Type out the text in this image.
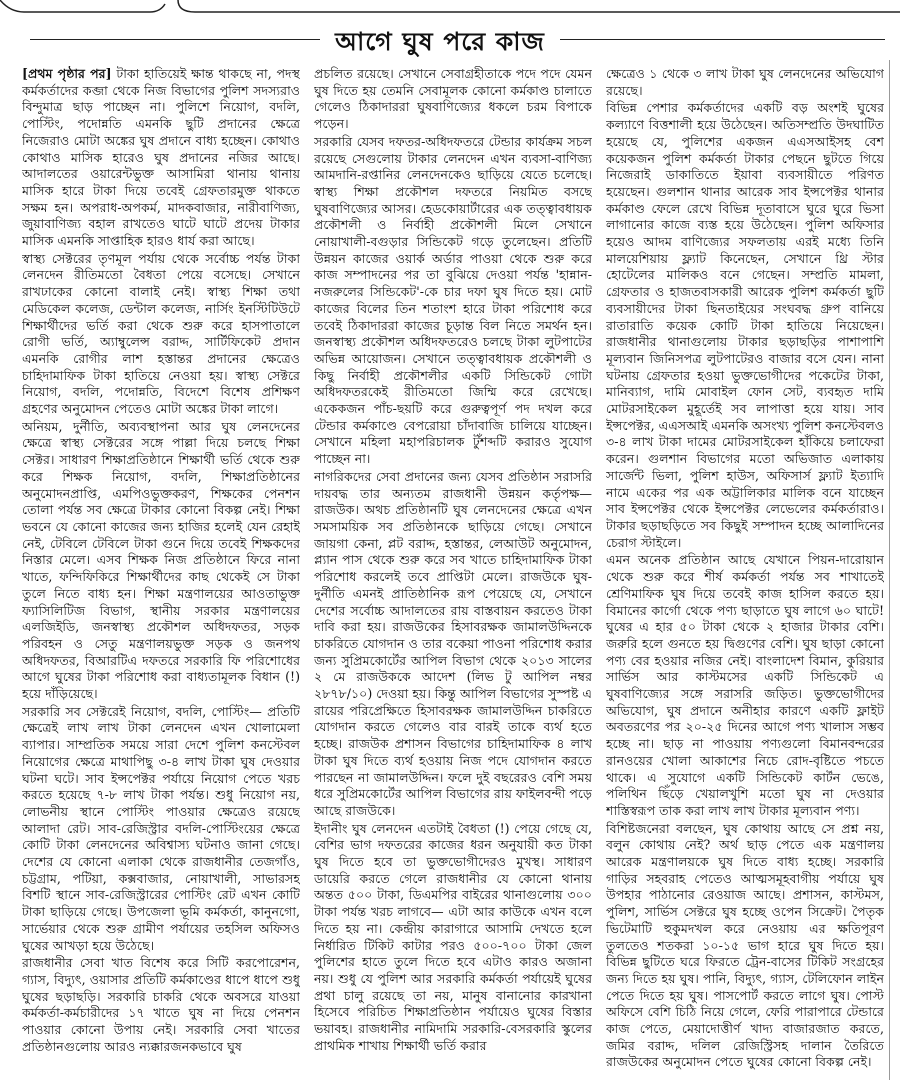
আগে ঘুষ পরে কাজ

[প্রথম পৃষ্ঠার পর] টাকা হাতিয়েই ক্ষান্ত থাকছে না, পদস্থ কর্মকর্তাদের কব্জা থেকে নিজ বিভাগের পুলিশ সদস্যরাও বিন্দুমাত্র ছাড় পাচ্ছেন না। পুলিশে নিয়োগ, বদলি, পোস্টিং, পদোন্নতি এমনকি ছুটি প্রদানের ক্ষেত্রে নিজেরাও মোটা অঙ্কের ঘুষ প্রদানে বাধ্য হচ্ছেন। কোথাও কোথাও মাসিক হারেও ঘুষ প্রদানের নজির আছে। আদালতের ওয়ারেন্টভুক্ত আসামিরা থানায় থানায় মাসিক হারে টাকা দিয়ে তবেই গ্রেফতারমুক্ত থাকতে সক্ষম হন। অপরাধ-অপকর্ম, মাদকবাজার, নারীবাণিজ্য, জুয়াবাণিজ্য বহাল রাখতেও ঘাটে ঘাটে প্রদেয় টাকার মাসিক এমনকি সাপ্তাহিক হারও ধার্য করা আছে।

স্বাস্থ্য সেক্টরের তৃণমূল পর্যায় থেকে সর্বোচ্চ পর্যন্ত টাকা লেনদেন রীতিমতো বৈধতা পেয়ে বসেছে। সেখানে রাখঢাকের কোনো বালাই নেই। স্বাস্থ্য শিক্ষা তথা মেডিকেল কলেজ, ডেন্টাল কলেজ, নার্সিং ইনস্টিটিউটে শিক্ষার্থীদের ভর্তি করা থেকে শুরু করে হাসপাতালে রোগী ভর্তি, অ্যাম্বুলেন্স বরাদ্দ, সার্টিফিকেট প্রদান এমনকি রোগীর লাশ হস্তান্তর প্রদানের ক্ষেত্রেও চাহিদামাফিক টাকা হাতিয়ে নেওয়া হয়। স্বাস্থ্য সেক্টরে নিয়োগ, বদলি, পদোন্নতি, বিদেশে বিশেষ প্রশিক্ষণ গ্রহণের অনুমোদন পেতেও মোটা অঙ্কের টাকা লাগে।

অনিয়ম, দুর্নীতি, অব্যবস্থাপনা আর ঘুষ লেনদেনের ক্ষেত্রে স্বাস্থ্য সেক্টরের সঙ্গে পাল্লা দিয়ে চলছে শিক্ষা সেক্টর। সাধারণ শিক্ষাপ্রতিষ্ঠানে শিক্ষার্থী ভর্তি থেকে শুরু করে শিক্ষক নিয়োগ, বদলি, শিক্ষাপ্রতিষ্ঠানের অনুমোদনপ্রাপ্তি, এমপিওভুক্তকরণ, শিক্ষকের পেনশন তোলা পর্যন্ত সব ক্ষেত্রে টাকার কোনো বিকল্প নেই। শিক্ষা ভবনে যে কোনো কাজের জন্য হাজির হলেই যেন রেহাই নেই, টেবিলে টেবিলে টাকা গুনে দিয়ে তবেই শিক্ষকদের নিস্তার মেলে। এসব শিক্ষক নিজ প্রতিষ্ঠানে ফিরে নানা খাতে, ফন্দিফিকিরে শিক্ষার্থীদের কাছ থেকেই সে টাকা তুলে নিতে বাধ্য হন। শিক্ষা মন্ত্রণালয়ের আওতাভুক্ত ফ্যাসিলিটিজ বিভাগ, স্থানীয় সরকার মন্ত্রণালয়ের এলজিইডি, জনস্বাস্থ্য প্রকৌশল অধিদফতর, সড়ক পরিবহন ও সেতু মন্ত্রণালয়ভুক্ত সড়ক ও জনপথ অধিদফতর, বিআরটিএ দফতরে সরকারি ফি পরিশোধের আগে ঘুষের টাকা পরিশোধ করা বাধ্যতামূলক বিধান (!) হয়ে দাঁড়িয়েছে।

সরকারি সব সেক্টরেই নিয়োগ, বদলি, পোস্টিং— প্রতিটি ক্ষেত্রেই লাখ লাখ টাকা লেনদেন এখন খোলামেলা ব্যাপার। সাম্প্রতিক সময়ে সারা দেশে পুলিশ কনস্টেবল নিয়োগের ক্ষেত্রে মাথাপিছু ৩-৪ লাখ টাকা ঘুষ দেওয়ার ঘটনা ঘটে। সাব ইন্সপেক্টর পর্যায়ে নিয়োগ পেতে খরচ করতে হয়েছে ৭-৮ লাখ টাকা পর্যন্ত। শুধু নিয়োগ নয়, লোভনীয় স্থানে পোস্টিং পাওয়ার ক্ষেত্রেও রয়েছে আলাদা রেট। সাব-রেজিস্ট্রার বদলি-পোস্টিংয়ের ক্ষেত্রে কোটি টাকা লেনদেনের অবিশ্বাস্য ঘটনাও জানা গেছে। দেশের যে কোনো এলাকা থেকে রাজধানীর তেজগাঁও, চট্টগ্রাম, পটিয়া, কক্সবাজার, নোয়াখালী, সাভারসহ বিশটি স্থানে সাব-রেজিস্ট্রারের পোস্টিং রেট এখন কোটি টাকা ছাড়িয়ে গেছে। উপজেলা ভূমি কর্মকর্তা, কানুনগো, সার্ভেয়ার থেকে শুরু গ্রামীণ পর্যায়ের তহসিল অফিসও ঘুষের আখড়া হয়ে উঠেছে।

রাজধানীর সেবা খাত বিশেষ করে সিটি করপোরেশন, গ্যাস, বিদ্যুৎ, ওয়াসার প্রতিটি কর্মকাণ্ডের ধাপে ধাপে শুধু ঘুষের ছড়াছড়ি। সরকারি চাকরি থেকে অবসরে যাওয়া কর্মকর্তা-কর্মচারীদের ১৭ খাতে ঘুষ না দিয়ে পেনশন পাওয়ার কোনো উপায় নেই। সরকারি সেবা খাতের প্রতিষ্ঠানগুলোয় আরও ন্যক্কারজনকভাবে ঘুষ

প্রচলিত রয়েছে। সেখানে সেবাগ্রহীতাকে পদে পদে যেমন ঘুষ দিতে হয় তেমনি সেবামূলক কোনো কর্মকাণ্ড চালাতে গেলেও ঠিকাদাররা ঘুষবাণিজ্যের ধকলে চরম বিপাকে পড়েন।

সরকারি যেসব দফতর-অধিদফতরে টেন্ডার কার্যক্রম সচল রয়েছে সেগুলোয় টাকার লেনদেন এখন ব্যবসা-বাণিজ্য আমদানি-রপ্তানির লেনদেনকেও ছাড়িয়ে যেতে চলেছে। স্বাস্থ্য শিক্ষা প্রকৌশল দফতরে নিয়মিত বসছে ঘুষবাণিজ্যের আসর। হেডকোয়ার্টারের এক তত্ত্বাবধায়ক প্রকৌশলী ও নির্বাহী প্রকৌশলী মিলে সেখানে নোয়াখালী-বগুড়ার সিন্ডিকেট গড়ে তুলেছেন। প্রতিটি উন্নয়ন কাজের ওয়ার্ক অর্ডার পাওয়া থেকে শুরু করে কাজ সম্পাদনের পর তা বুঝিয়ে দেওয়া পর্যন্ত 'হান্নান-নজরুলের সিন্ডিকেট'-কে চার দফা ঘুষ দিতে হয়। মোট কাজের বিলের তিন শতাংশ হারে টাকা পরিশোধ করে তবেই ঠিকাদাররা কাজের চূড়ান্ত বিল নিতে সমর্থন হন। জনস্বাস্থ্য প্রকৌশল অধিদফতরেও চলছে টাকা লুটপাটের অভিন্ন আয়োজন। সেখানে তত্ত্বাবধায়ক প্রকৌশলী ও কিছু নির্বাহী প্রকৌশলীর একটি সিন্ডিকেট গোটা অধিদফতরকেই রীতিমতো জিম্মি করে রেখেছে। একেকজন পাঁচ-ছয়টি করে গুরুত্বপূর্ণ পদ দখল করে টেন্ডার কর্মকাণ্ডে বেপরোয়া চাঁদাবাজি চালিয়ে যাচ্ছেন। সেখানে মহিলা মহাপরিচালক টুঁশব্দটি করারও সুযোগ পাচ্ছেন না।

নাগরিকদের সেবা প্রদানের জন্য যেসব প্রতিষ্ঠান সরাসরি দায়বদ্ধ তার অন্যতম রাজধানী উন্নয়ন কর্তৃপক্ষ—রাজউক। অথচ প্রতিষ্ঠানটি ঘুষ লেনদেনের ক্ষেত্রে এখন সমসাময়িক সব প্রতিষ্ঠানকে ছাড়িয়ে গেছে। সেখানে জায়গা কেনা, প্লট বরাদ্দ, হস্তান্তর, লেআউট অনুমোদন, প্ল্যান পাস থেকে শুরু করে সব খাতে চাহিদামাফিক টাকা পরিশোধ করলেই তবে প্রাপ্তিটা মেলে। রাজউকে ঘুষ-দুর্নীতি এমনই প্রাতিষ্ঠানিক রূপ পেয়েছে যে, সেখানে দেশের সর্বোচ্চ আদালতের রায় বাস্তবায়ন করতেও টাকা দাবি করা হয়। রাজউকের হিসাবরক্ষক জামালউদ্দিনকে চাকরিতে যোগদান ও তার বকেয়া পাওনা পরিশোধ করার জন্য সুপ্রিমকোর্টের আপিল বিভাগ থেকে ২০১৩ সালের ২ মে রাজউককে আদেশ (লিভ টু আপিল নম্বর ২৮৭৮/১০) দেওয়া হয়। কিন্তু আপিল বিভাগের সুস্পষ্ট এ রায়ের পরিপ্রেক্ষিতে হিসাবরক্ষক জামালউদ্দিন চাকরিতে যোগদান করতে গেলেও বার বারই তাকে ব্যর্থ হতে হচ্ছে। রাজউক প্রশাসন বিভাগের চাহিদামাফিক ৪ লাখ টাকা ঘুষ দিতে ব্যর্থ হওয়ায় নিজ পদে যোগদান করতে পারছেন না জামালউদ্দিন। ফলে দুই বছরেরও বেশি সময় ধরে সুপ্রিমকোর্টের আপিল বিভাগের রায় ফাইলবন্দী পড়ে আছে রাজউকে।

ইদানীং ঘুষ লেনদেন এতটাই বৈধতা (!) পেয়ে গেছে যে, বেশির ভাগ দফতরের কাজের ধরন অনুযায়ী কত টাকা ঘুষ দিতে হবে তা ভুক্তভোগীদেরও মুখস্থ। সাধারণ ডায়েরি করতে গেলে রাজধানীর যে কোনো থানায় অন্তত ৫০০ টাকা, ডিএমপির বাইরের থানাগুলোয় ৩০০ টাকা পর্যন্ত খরচ লাগবে— এটা আর কাউকে এখন বলে দিতে হয় না। কেন্দ্রীয় কারাগারে আসামি দেখতে হলে নির্ধারিত টিকিট কাটার পরও ৫০০-৭০০ টাকা জেল পুলিশের হাতে তুলে দিতে হবে এটাও কারও অজানা নয়। শুধু যে পুলিশ আর সরকারি কর্মকর্তা পর্যায়েই ঘুষের প্রথা চালু রয়েছে তা নয়, মানুষ বানানোর কারখানা হিসেবে পরিচিত শিক্ষাপ্রতিষ্ঠান পর্যায়েও ঘুষের বিস্তার ভয়াবহ। রাজধানীর নামিদামি সরকারি-বেসরকারি স্কুলের প্রাথমিক শাখায় শিক্ষার্থী ভর্তি করার

ক্ষেত্রেও ১ থেকে ৩ লাখ টাকা ঘুষ লেনদেনের অভিযোগ রয়েছে।

বিভিন্ন পেশার কর্মকর্তাদের একটি বড় অংশই ঘুষের কল্যাণে বিত্তশালী হয়ে উঠেছেন। অতিসম্প্রতি উদঘাটিত হয়েছে যে, পুলিশের একজন এএসআইসহ বেশ কয়েকজন পুলিশ কর্মকর্তা টাকার পেছনে ছুটতে গিয়ে নিজেরাই ডাকাতিতে ইয়াবা ব্যবসায়ীতে পরিণত হয়েছেন। গুলশান থানার আরেক সাব ইন্সপেক্টর থানার কর্মকাণ্ড ফেলে রেখে বিভিন্ন দূতাবাসে ঘুরে ঘুরে ভিসা লাগানোর কাজে ব্যস্ত হয়ে উঠেছেন। পুলিশ অফিসার হয়েও আদম বাণিজ্যের সফলতায় এরই মধ্যে তিনি মালয়েশিয়ায় ফ্ল্যাট কিনেছেন, সেখানে থ্রি স্টার হোটেলের মালিকও বনে গেছেন। সম্প্রতি মামলা, গ্রেফতার ও হাজতবাসকারী আরেক পুলিশ কর্মকর্তা ছুটি ব্যবসায়ীদের টাকা ছিনতাইয়ের সংঘবদ্ধ গ্রুপ বানিয়ে রাতারাতি কয়েক কোটি টাকা হাতিয়ে নিয়েছেন। রাজধানীর থানাগুলোয় টাকার ছড়াছড়ির পাশাপাশি মূল্যবান জিনিসপত্র লুটপাটেরও বাজার বসে যেন। নানা ঘটনায় গ্রেফতার হওয়া ভুক্তভোগীদের পকেটের টাকা, মানিব্যাগ, দামি মোবাইল ফোন সেট, ব্যবহৃত দামি মোটরসাইকেল মুহূর্তেই সব লাপাত্তা হয়ে যায়। সাব ইন্সপেক্টর, এএসআই এমনকি অসংখ্য পুলিশ কনস্টেবলও ৩-৪ লাখ টাকা দামের মোটরসাইকেল হাঁকিয়ে চলাফেরা করেন। গুলশান বিভাগের মতো অভিজাত এলাকায় সার্জেন্ট ভিলা, পুলিশ হাউস, অফিসার্স ফ্ল্যাট ইত্যাদি নামে একের পর এক অট্টালিকার মালিক বনে যাচ্ছেন সাব ইন্সপেক্টর থেকে ইন্সপেক্টর লেভেলের কর্মকর্তারাও। টাকার ছড়াছড়িতে সব কিছুই সম্পাদন হচ্ছে আলাদিনের চেরাগ স্টাইলে।

এমন অনেক প্রতিষ্ঠান আছে যেখানে পিয়ন-দারোয়ান থেকে শুরু করে শীর্ষ কর্মকর্তা পর্যন্ত সব শাখাতেই শ্রেণিমাফিক ঘুষ দিয়ে তবেই কাজ হাসিল করতে হয়। বিমানের কার্গো থেকে পণ্য ছাড়াতে ঘুষ লাগে ৬০ ঘাটে! ঘুষের এ হার ৫০ টাকা থেকে ২ হাজার টাকার বেশি। জরুরি হলে গুনতে হয় দ্বিগুণের বেশি। ঘুষ ছাড়া কোনো পণ্য বের হওয়ার নজির নেই। বাংলাদেশ বিমান, কুরিয়ার সার্ভিস আর কাস্টমসের একটি সিন্ডিকেট এ ঘুষবাণিজ্যের সঙ্গে সরাসরি জড়িত। ভুক্তভোগীদের অভিযোগ, ঘুষ প্রদানে অনীহার কারণে একটি ফ্লাইট অবতরণের পর ২০-২৫ দিনের আগে পণ্য খালাস সম্ভব হচ্ছে না। ছাড় না পাওয়ায় পণ্যগুলো বিমানবন্দরের রানওয়ের খোলা আকাশের নিচে রোদ-বৃষ্টিতে পচতে থাকে। এ সুযোগে একটি সিন্ডিকেট কার্টন ভেঙে, পলিথিন ছিঁড়ে খেয়ালখুশি মতো ঘুষ না দেওয়ার শাস্তিস্বরূপ তাক করা লাখ লাখ টাকার মূল্যবান পণ্য।

বিশিষ্টজনেরা বলছেন, ঘুষ কোথায় আছে সে প্রশ্ন নয়, বলুন কোথায় নেই? অর্থ ছাড় পেতে এক মন্ত্রণালয় আরেক মন্ত্রণালয়কে ঘুষ দিতে বাধ্য হচ্ছে। সরকারি গাড়ির সহবরাহ পেতেও আত্মসমূহবাগীয় পর্যায়ে ঘুষ উপহার পাঠানোর রেওয়াজ আছে। প্রশাসন, কাস্টমস, পুলিশ, সার্ভিস সেক্টরে ঘুষ হচ্ছে ওপেন সিক্রেট। পৈতৃক ভিটেমাটি হুকুমদখল করে নেওয়ায় এর ক্ষতিপূরণ তুলতেও শতকরা ১০-১৫ ভাগ হারে ঘুষ দিতে হয়। বিভিন্ন ছুটিতে ঘরে ফিরতে ট্রেন-বাসের টিকিট সংগ্রহের জন্য দিতে হয় ঘুষ। পানি, বিদ্যুৎ, গ্যাস, টেলিফোন লাইন পেতে দিতে হয় ঘুষ। পাসপোর্ট করতে লাগে ঘুষ। পোস্ট অফিসে বেশি চিঠি নিয়ে গেলে, ফেরি পারাপারে টেন্ডারে কাজ পেতে, মেয়াদোত্তীর্ণ খাদ্য বাজারজাত করতে, জমির বরাদ্দ, দলিল রেজিস্ট্রিসহ দালান তৈরিতে রাজউকের অনুমোদন পেতে ঘুষের কোনো বিকল্প নেই।
